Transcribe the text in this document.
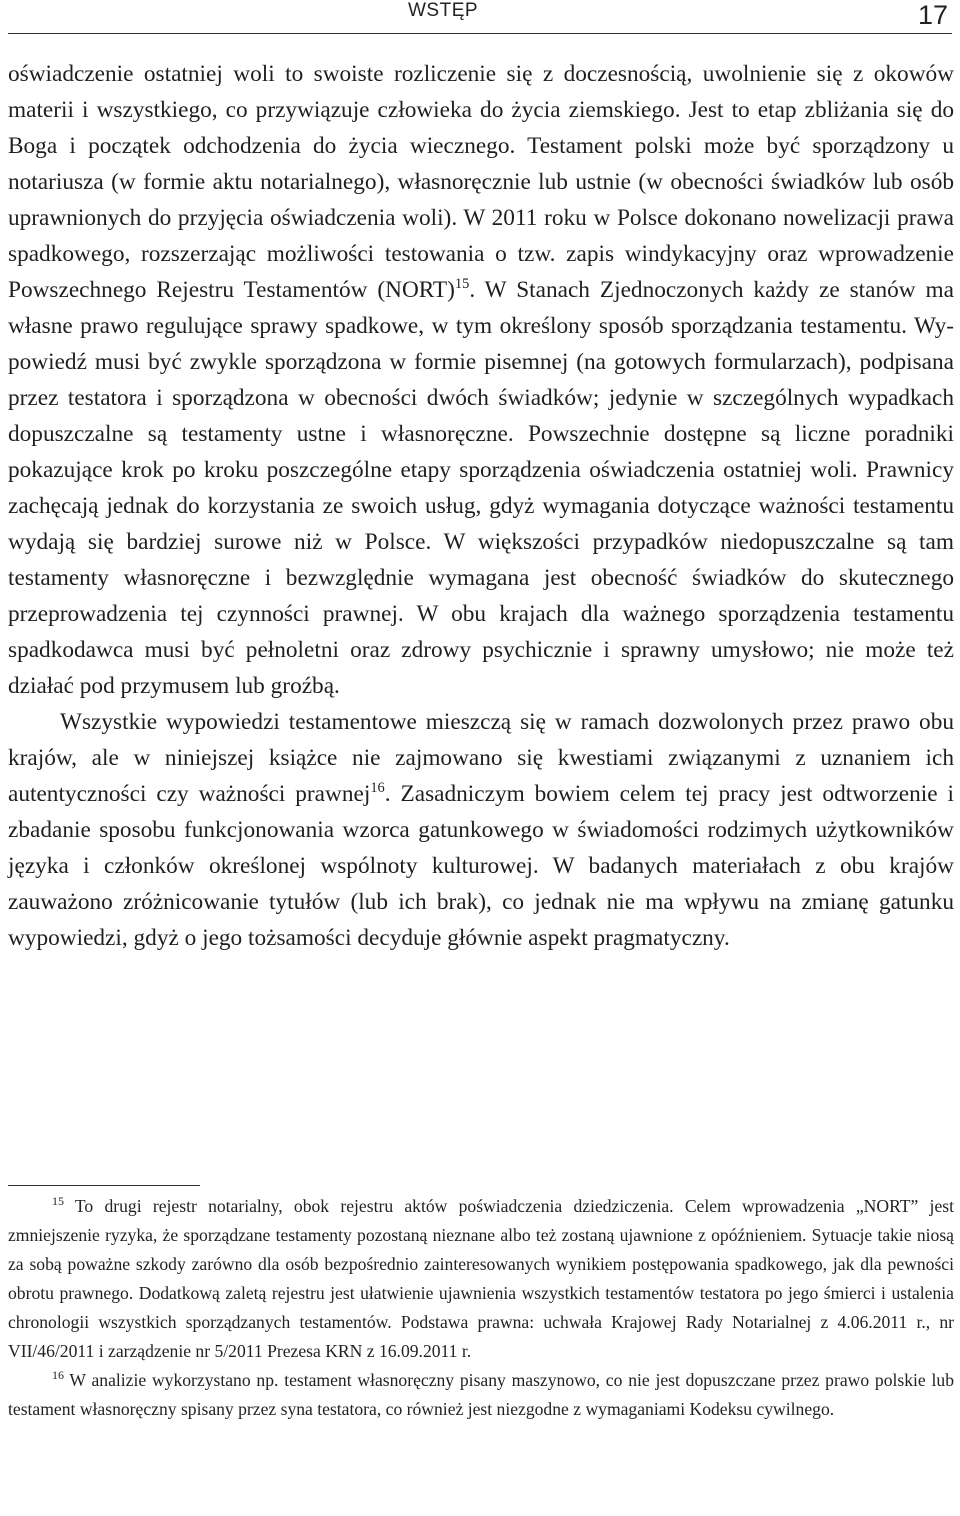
WSTĘP	17

oświadczenie ostatniej woli to swoiste rozliczenie się z doczesnością, uwolnienie się z okowów materii i wszystkiego, co przywiązuje człowieka do życia ziemskiego. Jest to etap zbliżania się do Boga i początek odchodzenia do życia wiecznego. Testament polski może być sporządzony u notariusza (w formie aktu notarialnego), własnoręcznie lub ustnie (w obecności świadków lub osób uprawnionych do przyjęcia oświadczenia woli). W 2011 roku w Polsce dokonano nowelizacji prawa spadkowego, rozszerzając możliwości testowania o tzw. zapis windykacyjny oraz wprowadzenie Powszechnego Rejestru Testamentów (NORT)$^{15}$. W Stanach Zjednoczonych każdy ze stanów ma własne prawo regulujące sprawy spadkowe, w tym określony sposób sporządzania testamentu. Wypowiedź musi być zwykle sporządzona w formie pisemnej (na gotowych formularzach), podpisana przez testatora i sporządzona w obecności dwóch świadków; jedynie w szczególnych wypadkach dopuszczalne są testamenty ustne i własnoręczne. Powszechnie dostępne są liczne poradniki pokazujące krok po kroku poszczególne etapy sporządzenia oświadczenia ostatniej woli. Prawnicy zachęcają jednak do korzystania ze swoich usług, gdyż wymagania dotyczące ważności testamentu wydają się bardziej surowe niż w Polsce. W większości przypadków niedopuszczalne są tam testamenty własnoręczne i bezwzględnie wymagana jest obecność świadków do skutecznego przeprowadzenia tej czynności prawnej. W obu krajach dla ważnego sporządzenia testamentu spadkodawca musi być pełnoletni oraz zdrowy psychicznie i sprawny umysłowo; nie może też działać pod przymusem lub groźbą.

Wszystkie wypowiedzi testamentowe mieszczą się w ramach dozwolonych przez prawo obu krajów, ale w niniejszej książce nie zajmowano się kwestiami związanymi z uznaniem ich autentyczności czy ważności prawnej$^{16}$. Zasadniczym bowiem celem tej pracy jest odtworzenie i zbadanie sposobu funkcjonowania wzorca gatunkowego w świadomości rodzimych użytkowników języka i członków określonej wspólnoty kulturowej. W badanych materiałach z obu krajów zauważono zróżnicowanie tytułów (lub ich brak), co jednak nie ma wpływu na zmianę gatunku wypowiedzi, gdyż o jego tożsamości decyduje głównie aspekt pragmatyczny.

$^{15}$ To drugi rejestr notarialny, obok rejestru aktów poświadczenia dziedziczenia. Celem wprowadzenia „NORT” jest zmniejszenie ryzyka, że sporządzane testamenty pozostaną nieznane albo też zostaną ujawnione z opóźnieniem. Sytuacje takie niosą za sobą poważne szkody zarówno dla osób bezpośrednio zainteresowanych wynikiem postępowania spadkowego, jak dla pewności obrotu prawnego. Dodatkową zaletą rejestru jest ułatwienie ujawnienia wszystkich testamentów testatora po jego śmierci i ustalenia chronologii wszystkich sporządzanych testamentów. Podstawa prawna: uchwała Krajowej Rady Notarialnej z 4.06.2011 r., nr VII/46/2011 i zarządzenie nr 5/2011 Prezesa KRN z 16.09.2011 r.

$^{16}$ W analizie wykorzystano np. testament własnoręczny pisany maszynowo, co nie jest dopuszczane przez prawo polskie lub testament własnoręczny spisany przez syna testatora, co również jest niezgodne z wymaganiami Kodeksu cywilnego.
